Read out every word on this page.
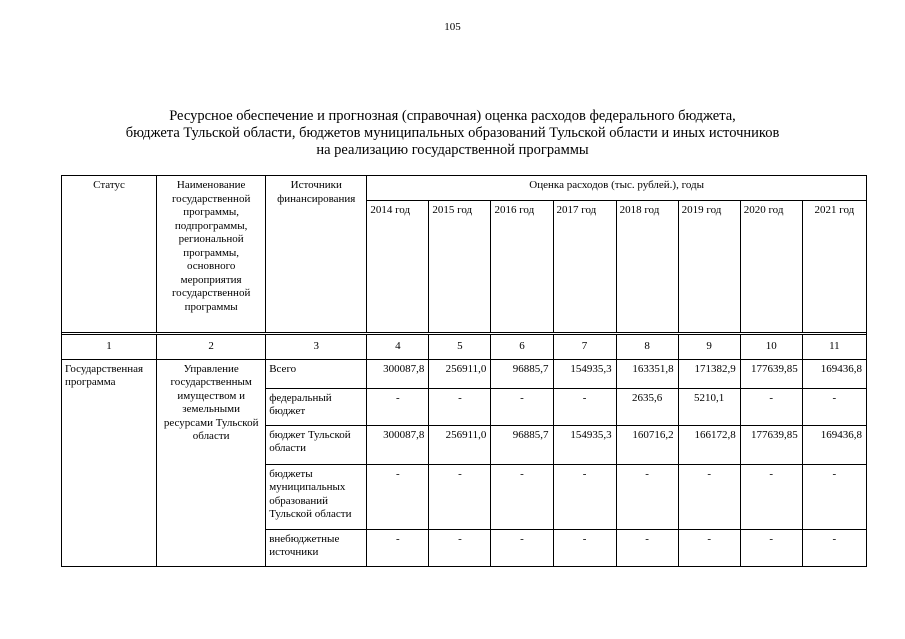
105
Ресурсное обеспечение и прогнозная (справочная) оценка расходов федерального бюджета,
бюджета Тульской области, бюджетов муниципальных образований Тульской области и иных источников
на реализацию государственной программы
Статус	Наименование государственной программы, подпрограммы, региональной программы, основного мероприятия государственной программы	Источники финансирования	Оценка расходов (тыс. рублей.), годы							
			2014 год	2015 год	2016 год	2017 год	2018 год	2019 год	2020 год	2021 год

1	2	3	4	5	6	7	8	9	10	11
Государственная программа	Управление государственным имуществом и земельными ресурсами Тульской области	Всего	300087,8	256911,0	96885,7	154935,3	163351,8	171382,9	177639,85	169436,8
		федеральный бюджет	-	-	-	-	2635,6	5210,1	-	-
		бюджет Тульской области	300087,8	256911,0	96885,7	154935,3	160716,2	166172,8	177639,85	169436,8
		бюджеты муниципальных образований Тульской области	-	-	-	-	-	-	-	-
		внебюджетные источники	-	-	-	-	-	-	-	-
